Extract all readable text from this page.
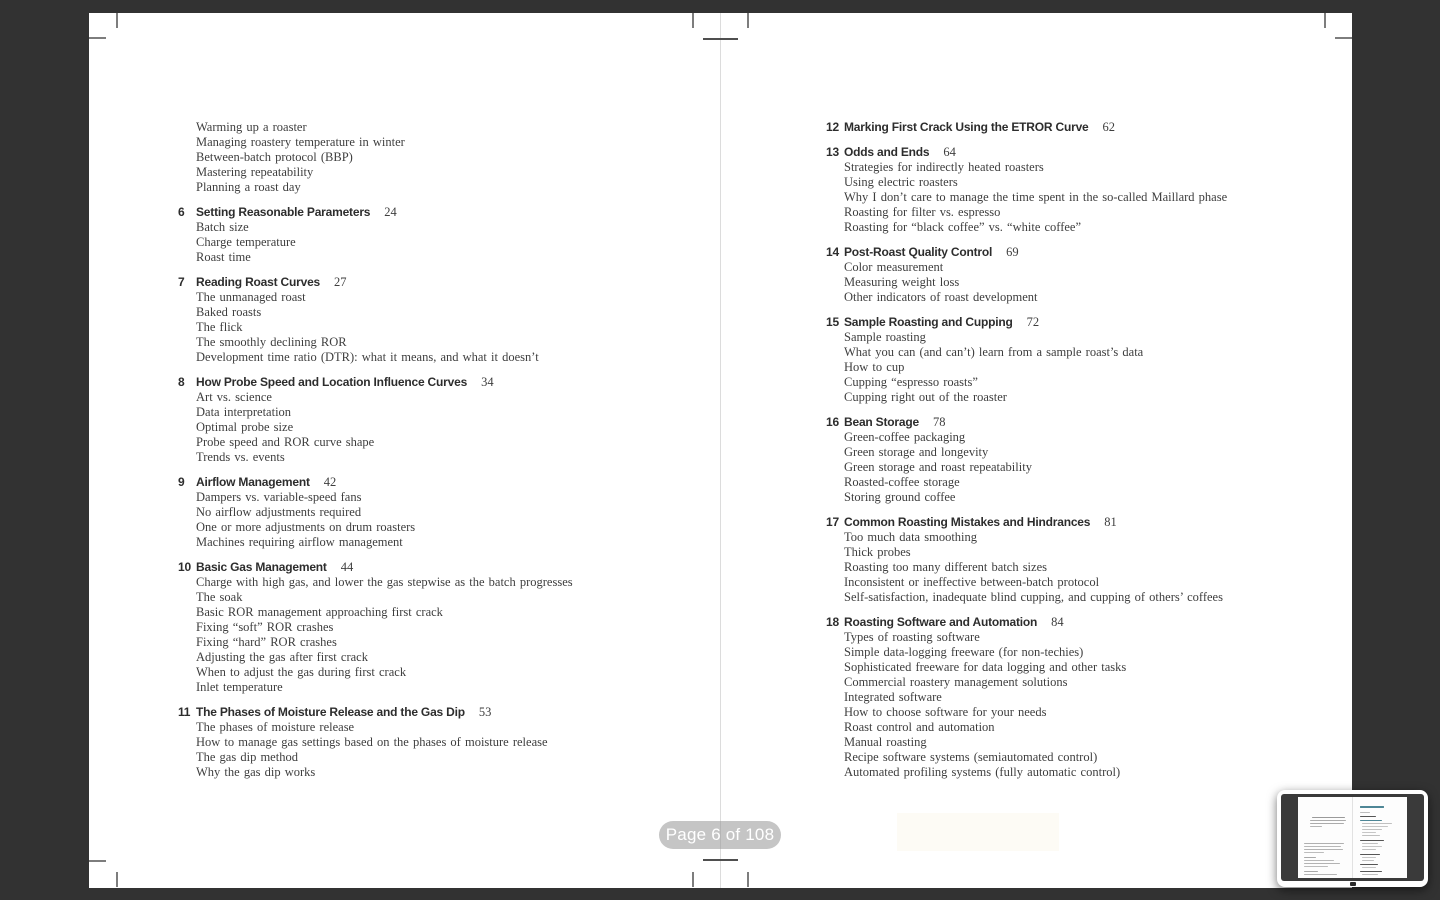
Warming up a roaster
Managing roastery temperature in winter
Between-batch protocol (BBP)
Mastering repeatability
Planning a roast day
6 Setting Reasonable Parameters 24
Batch size
Charge temperature
Roast time
7 Reading Roast Curves 27
The unmanaged roast
Baked roasts
The flick
The smoothly declining ROR
Development time ratio (DTR): what it means, and what it doesn’t
8 How Probe Speed and Location Influence Curves 34
Art vs. science
Data interpretation
Optimal probe size
Probe speed and ROR curve shape
Trends vs. events
9 Airflow Management 42
Dampers vs. variable-speed fans
No airflow adjustments required
One or more adjustments on drum roasters
Machines requiring airflow management
10 Basic Gas Management 44
Charge with high gas, and lower the gas stepwise as the batch progresses
The soak
Basic ROR management approaching first crack
Fixing “soft” ROR crashes
Fixing “hard” ROR crashes
Adjusting the gas after first crack
When to adjust the gas during first crack
Inlet temperature
11 The Phases of Moisture Release and the Gas Dip 53
The phases of moisture release
How to manage gas settings based on the phases of moisture release
The gas dip method
Why the gas dip works
12 Marking First Crack Using the ETROR Curve 62
13 Odds and Ends 64
Strategies for indirectly heated roasters
Using electric roasters
Why I don’t care to manage the time spent in the so-called Maillard phase
Roasting for filter vs. espresso
Roasting for “black coffee” vs. “white coffee”
14 Post-Roast Quality Control 69
Color measurement
Measuring weight loss
Other indicators of roast development
15 Sample Roasting and Cupping 72
Sample roasting
What you can (and can’t) learn from a sample roast’s data
How to cup
Cupping “espresso roasts”
Cupping right out of the roaster
16 Bean Storage 78
Green-coffee packaging
Green storage and longevity
Green storage and roast repeatability
Roasted-coffee storage
Storing ground coffee
17 Common Roasting Mistakes and Hindrances 81
Too much data smoothing
Thick probes
Roasting too many different batch sizes
Inconsistent or ineffective between-batch protocol
Self-satisfaction, inadequate blind cupping, and cupping of others’ coffees
18 Roasting Software and Automation 84
Types of roasting software
Simple data-logging freeware (for non-techies)
Sophisticated freeware for data logging and other tasks
Commercial roastery management solutions
Integrated software
How to choose software for your needs
Roast control and automation
Manual roasting
Recipe software systems (semiautomated control)
Automated profiling systems (fully automatic control)
Page 6 of 108
